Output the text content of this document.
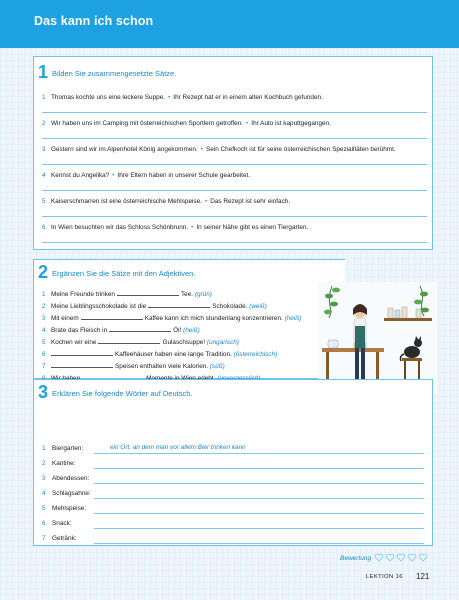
Das kann ich schon
1 Bilden Sie zusammengesetzte Sätze.
1 Thomas kochte uns eine leckere Suppe. • Ihr Rezept hat er in einem alten Kochbuch gefunden.
2 Wir haben uns im Camping mit österreichischen Sportlern getroffen. • Ihr Auto ist kaputtgegangen.
3 Gestern sind wir im Alpenhotel König angekommen. • Sein Chefkoch ist für seine österreichischen Spezialitäten berühmt.
4 Kennst du Angelika? • Ihre Eltern haben in unserer Schule gearbeitet.
5 Kaiserschmarren ist eine österreichische Mehlspeise. • Das Rezept ist sehr einfach.
6 In Wien besuchten wir das Schloss Schönbrunn. • In seiner Nähe gibt es einen Tiergarten.
2 Ergänzen Sie die Sätze mit den Adjektiven.
1 Meine Freunde trinken	Tee. (grün)
2 Meine Lieblingsschokolade ist die	Schokolade. (weiß)
3 Mit einem	Kaffee kann ich mich stundenlang konzentrieren. (heiß)
4 Brate das Fleisch in	Öl! (heiß)
5 Kochen wir eine	Gulaschsuppe! (ungarisch)
6	Kaffeehäuser haben eine lange Tradition. (österreichisch)
7	Speisen enthalten viele Kalorien. (süß)
3 Erklären Sie folgende Wörter auf Deutsch.
1 Biergarten:	ein Ort, an dem man vor allem Bier trinken kann
2 Kantine:
3 Abendessen:
4 Schlagsahne:
5 Mehlspeise:
6 Snack:
7 Getränk:
Bewertung
LEKTION 16 121
